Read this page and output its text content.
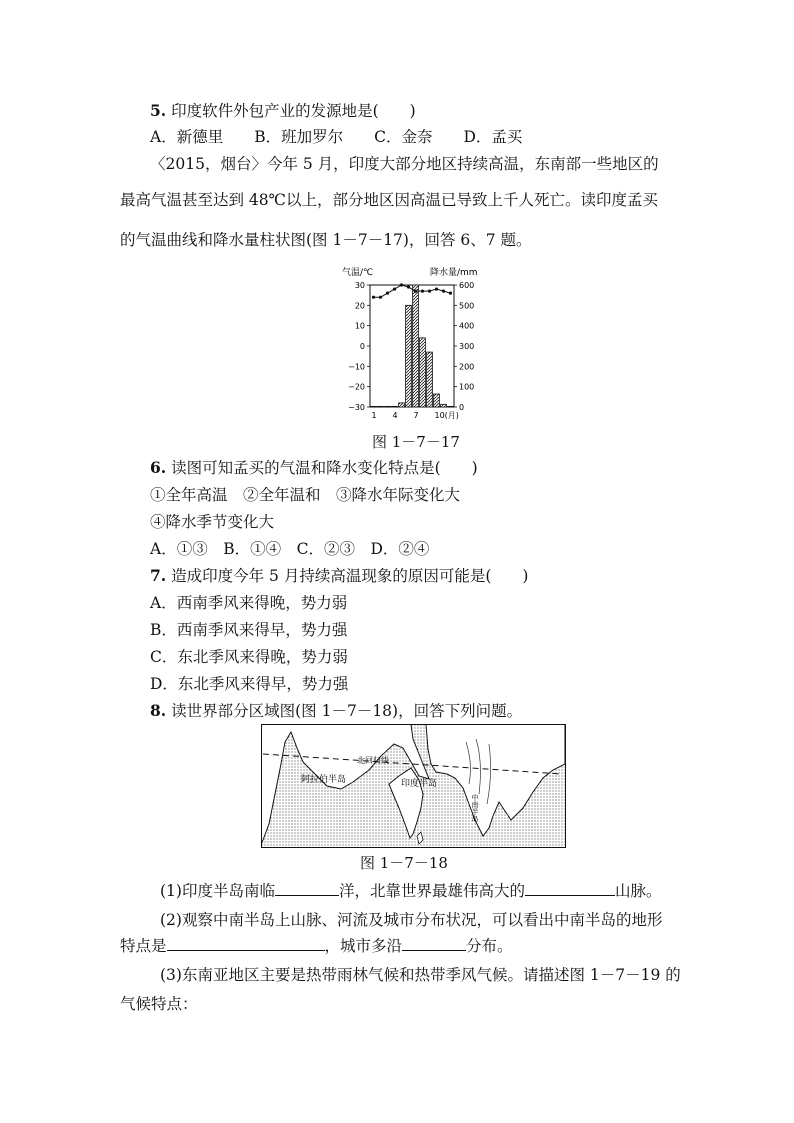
5. 印度软件外包产业的发源地是(　　)
A．新德里　　B．班加罗尔　　C．金奈　　D．孟买
〈2015，烟台〉今年 5 月，印度大部分地区持续高温，东南部一些地区的
最高气温甚至达到 48℃以上，部分地区因高温已导致上千人死亡。读印度孟买
的气温曲线和降水量柱状图(图 1－7－17)，回答 6、7 题。
气温/℃	降水量/mm
30
20
10
0
−10
−20
−30
600
500
400
300
200
100
0
1 4 7 10(月)
图 1－7－17
6. 读图可知孟买的气温和降水变化特点是(　　)
①全年高温　②全年温和　③降水年际变化大
④降水季节变化大
A．①③　B．①④　C．②③　D．②④
7. 造成印度今年 5 月持续高温现象的原因可能是(　　)
A．西南季风来得晚，势力弱
B．西南季风来得早，势力强
C．东北季风来得晚，势力弱
D．东北季风来得早，势力强
8. 读世界部分区域图(图 1－7－18)，回答下列问题。
阿拉伯半岛
北回归线
印度半岛
中南半岛
图 1－7－18
(1)印度半岛南临	洋，北靠世界最雄伟高大的	山脉。
(2)观察中南半岛上山脉、河流及城市分布状况，可以看出中南半岛的地形
特点是	，城市多沿	分布。
(3)东南亚地区主要是热带雨林气候和热带季风气候。请描述图 1－7－19 的
气候特点：
